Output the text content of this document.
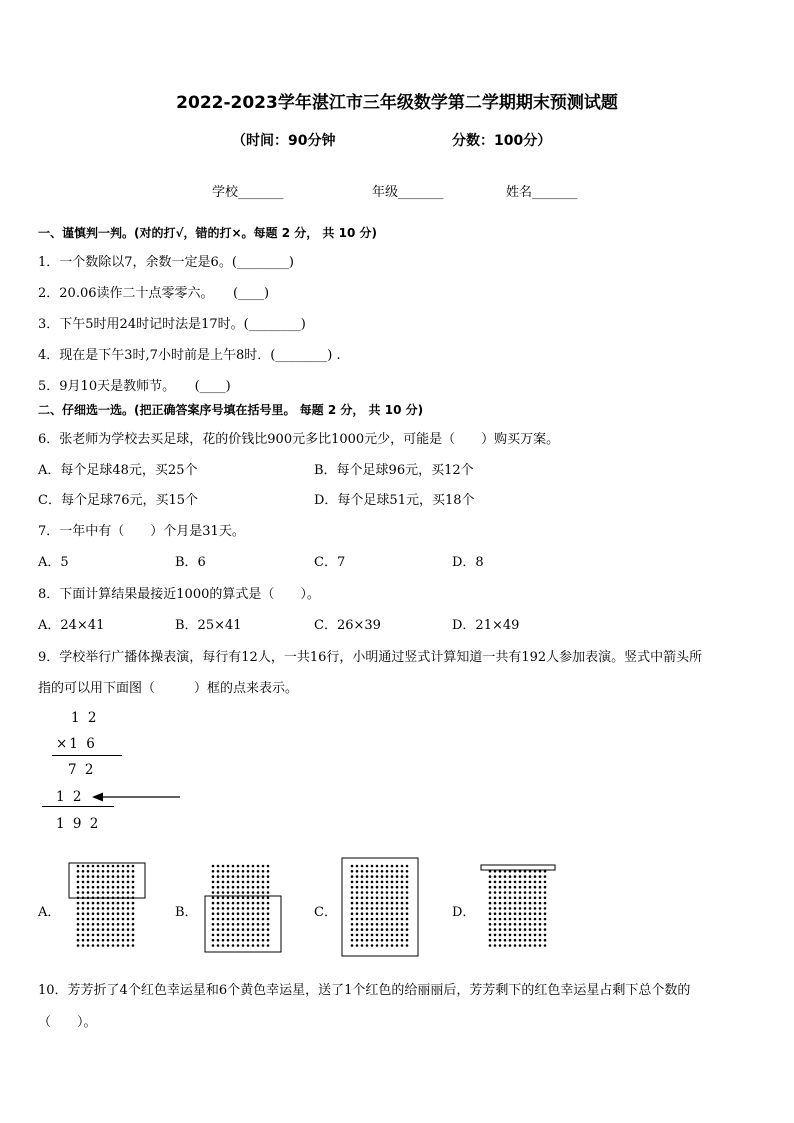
2022-2023学年湛江市三年级数学第二学期期末预测试题
（时间：90分钟	分数：100分）
学校_______	年级_______	姓名_______
一、谨慎判一判。(对的打√，错的打×。每题 2 分， 共 10 分)
1．一个数除以7，余数一定是6。(________)
2．20.06读作二十点零零六。　　(____)
3．下午5时用24时记时法是17时。(________)
4．现在是下午3时,7小时前是上午8时．(________) .
5．9月10天是教师节。　　(____)
二、仔细选一选。(把正确答案序号填在括号里。 每题 2 分， 共 10 分)
6．张老师为学校去买足球，花的价钱比900元多比1000元少，可能是（　　）购买万案。
A．每个足球48元，买25个	B．每个足球96元，买12个
C．每个足球76元，买15个	D．每个足球51元，买18个
7．一年中有（　　）个月是31天。
A．5	B．6	C．7	D．8
8．下面计算结果最接近1000的算式是（　　）。
A．24×41	B．25×41	C．26×39	D．21×49
9．学校举行广播体操表演，每行有12人，一共16行，小明通过竖式计算知道一共有192人参加表演。竖式中箭头所
指的可以用下面图（　　　）框的点来表示。
1 2
×1 6
7 2
1 2
1 9 2
A．	B．	C．	D．
10．芳芳折了4个红色幸运星和6个黄色幸运星，送了1个红色的给丽丽后，芳芳剩下的红色幸运星占剩下总个数的
（　　）。
